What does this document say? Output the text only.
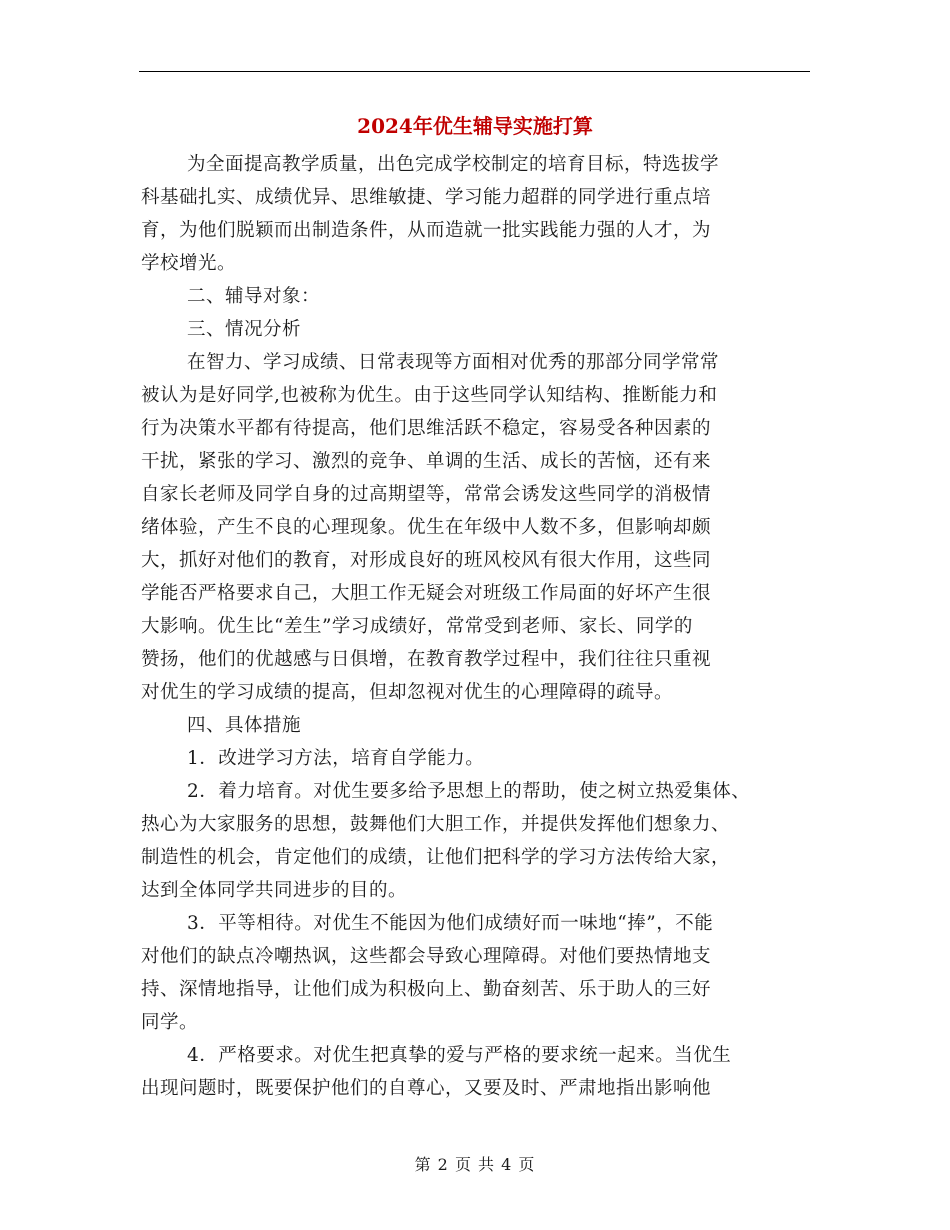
2024年优生辅导实施打算
为全面提高教学质量，出色完成学校制定的培育目标，特选拔学
科基础扎实、成绩优异、思维敏捷、学习能力超群的同学进行重点培
育，为他们脱颖而出制造条件，从而造就一批实践能力强的人才，为
学校增光。
二、辅导对象：
三、情况分析
在智力、学习成绩、日常表现等方面相对优秀的那部分同学常常
被认为是好同学,也被称为优生。由于这些同学认知结构、推断能力和
行为决策水平都有待提高，他们思维活跃不稳定，容易受各种因素的
干扰，紧张的学习、激烈的竞争、单调的生活、成长的苦恼，还有来
自家长老师及同学自身的过高期望等，常常会诱发这些同学的消极情
绪体验，产生不良的心理现象。优生在年级中人数不多，但影响却颇
大，抓好对他们的教育，对形成良好的班风校风有很大作用，这些同
学能否严格要求自己，大胆工作无疑会对班级工作局面的好坏产生很
大影响。优生比“差生”学习成绩好，常常受到老师、家长、同学的
赞扬，他们的优越感与日俱增，在教育教学过程中，我们往往只重视
对优生的学习成绩的提高，但却忽视对优生的心理障碍的疏导。
四、具体措施
1．改进学习方法，培育自学能力。
2．着力培育。对优生要多给予思想上的帮助，使之树立热爱集体、
热心为大家服务的思想，鼓舞他们大胆工作，并提供发挥他们想象力、
制造性的机会，肯定他们的成绩，让他们把科学的学习方法传给大家，
达到全体同学共同进步的目的。
3．平等相待。对优生不能因为他们成绩好而一味地“捧”，不能
对他们的缺点冷嘲热讽，这些都会导致心理障碍。对他们要热情地支
持、深情地指导，让他们成为积极向上、勤奋刻苦、乐于助人的三好
同学。
4．严格要求。对优生把真挚的爱与严格的要求统一起来。当优生
出现问题时，既要保护他们的自尊心，又要及时、严肃地指出影响他
第 2 页 共 4 页
